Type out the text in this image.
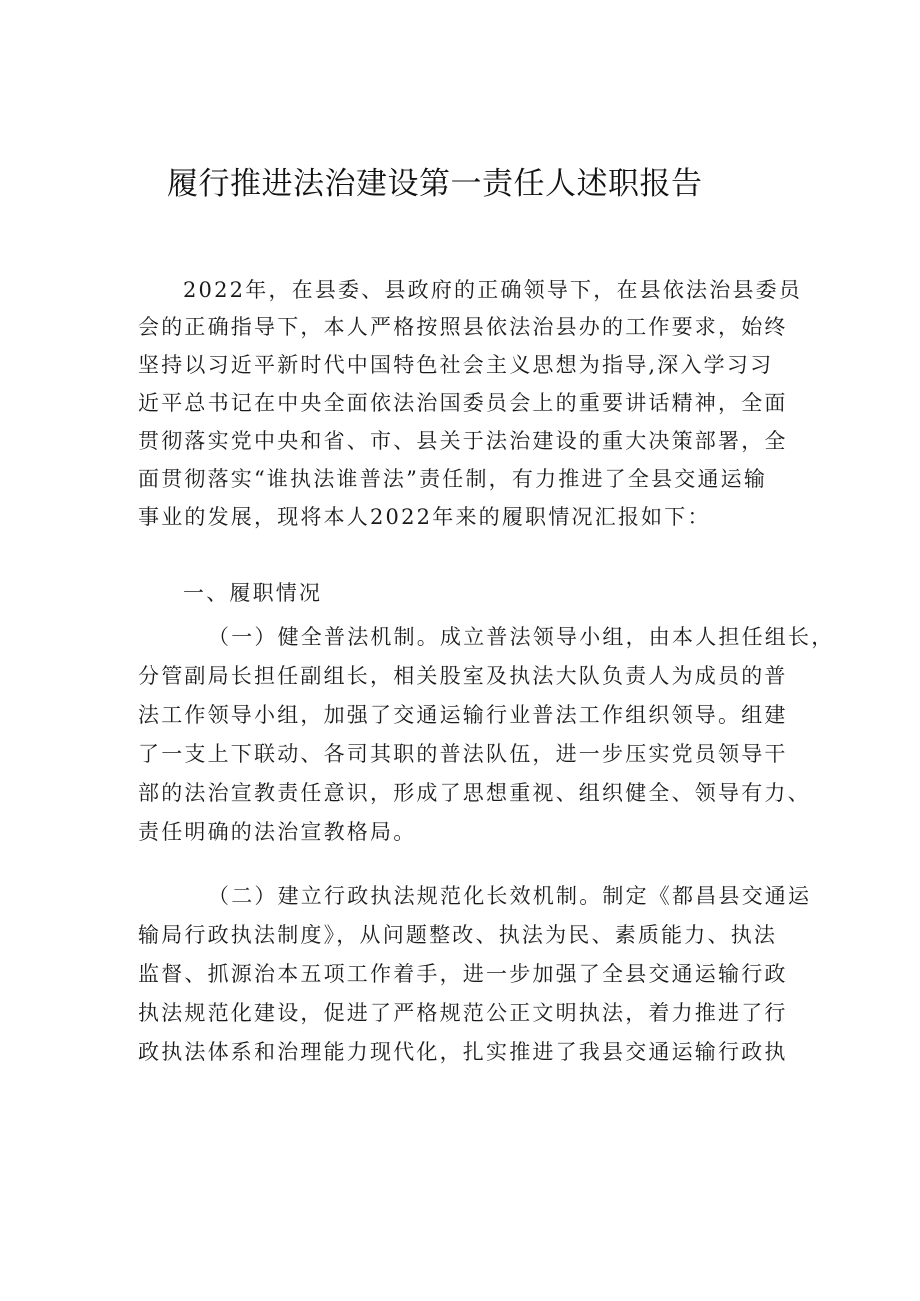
履行推进法治建设第一责任人述职报告
2022年，在县委、县政府的正确领导下，在县依法治县委员
会的正确指导下，本人严格按照县依法治县办的工作要求，始终
坚持以习近平新时代中国特色社会主义思想为指导,深入学习习
近平总书记在中央全面依法治国委员会上的重要讲话精神，全面
贯彻落实党中央和省、市、县关于法治建设的重大决策部署，全
面贯彻落实“谁执法谁普法”责任制，有力推进了全县交通运输
事业的发展，现将本人2022年来的履职情况汇报如下：
一、履职情况
（一）健全普法机制。成立普法领导小组，由本人担任组长，
分管副局长担任副组长，相关股室及执法大队负责人为成员的普
法工作领导小组，加强了交通运输行业普法工作组织领导。组建
了一支上下联动、各司其职的普法队伍，进一步压实党员领导干
部的法治宣教责任意识，形成了思想重视、组织健全、领导有力、
责任明确的法治宣教格局。
（二）建立行政执法规范化长效机制。制定《都昌县交通运
输局行政执法制度》，从问题整改、执法为民、素质能力、执法
监督、抓源治本五项工作着手，进一步加强了全县交通运输行政
执法规范化建设，促进了严格规范公正文明执法，着力推进了行
政执法体系和治理能力现代化，扎实推进了我县交通运输行政执
